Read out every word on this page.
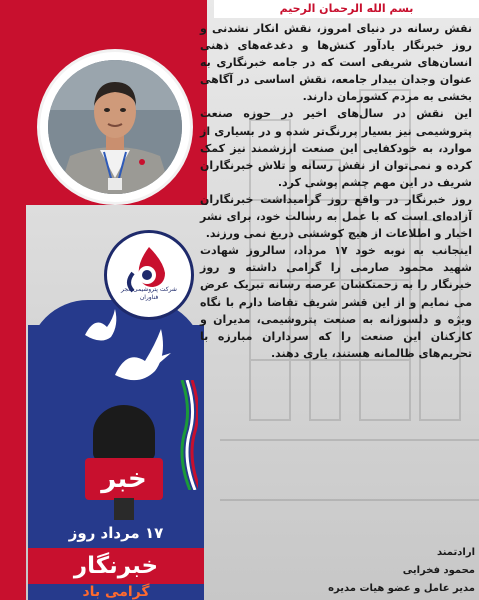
شرکت پتروشیمی فجر فناوران
خبر
۱۷ مرداد روز
خبرنگار
گرامی باد
بسم الله الرحمان الرحیم

نقش رسانه در دنیای امروز، نقش انکار نشدنی و روز خبرنگار یادآور کنش‌ها و دغدغه‌های ذهنی انسان‌های شریفی است که در جامه خبرنگاری به عنوان وجدان بیدار جامعه، نقش اساسی در آگاهی بخشی به مردم کشورمان دارند.

این نقش در سال‌های اخیر در حوزه صنعت پتروشیمی نیز بسیار پررنگ‌تر شده و در بسیاری از موارد، به خودکفایی این صنعت ارزشمند نیز کمک کرده و نمی‌توان از نقش رسانه و تلاش خبرنگاران شریف در این مهم چشم پوشی کرد.

روز خبرنگار در واقع روز گرامیداشت خبرنگاران آزاده‌ای است که با عمل به رسالت خود، برای نشر اخبار و اطلاعات از هیچ کوششی دریغ نمی ورزند.

اینجانب به نوبه خود ۱۷ مرداد، سالروز شهادت شهید محمود صارمی را گرامی داشته و روز خبرنگار را به زحمتکشان عرصه رسانه تبریک عرض می نمایم و از این قشر شریف تقاضا دارم با نگاه ویژه و دلسوزانه به صنعت پتروشیمی، مدیران و کارکنان این صنعت را که سرداران مبارزه با تحریم‌های ظالمانه هستند، یاری دهند.

ارادتمند
محمود فخرایی
مدیر عامل و عضو هیات مدیره
